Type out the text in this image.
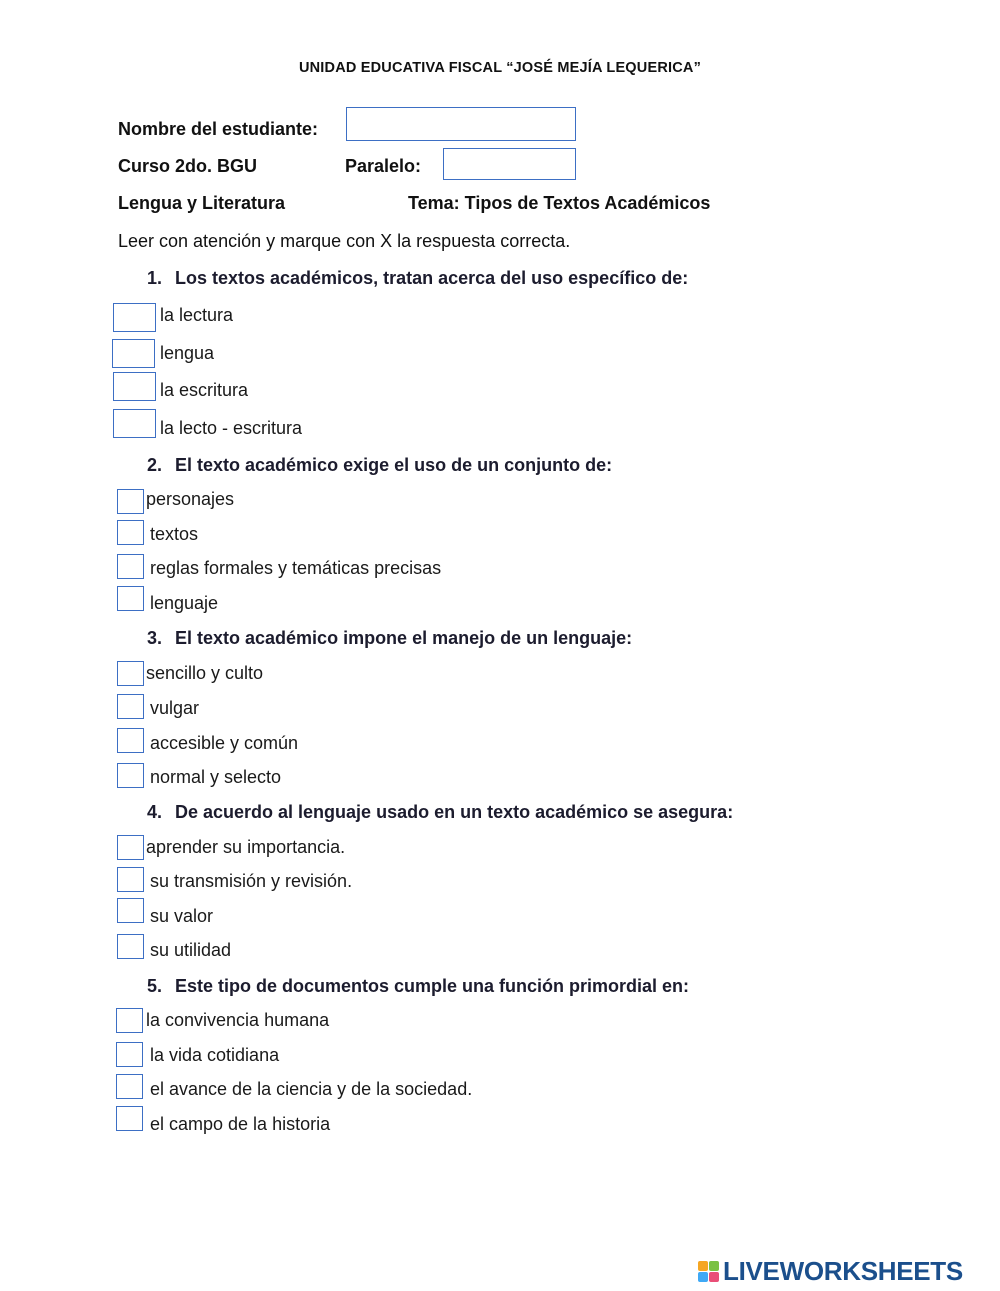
UNIDAD EDUCATIVA FISCAL “JOSÉ MEJÍA LEQUERICA”
Nombre del estudiante:
Curso 2do. BGU	Paralelo:
Lengua y Literatura	Tema: Tipos de Textos Académicos
Leer con atención y marque con X la respuesta correcta.
1. Los textos académicos, tratan acerca del uso específico de:
la lectura
lengua
la escritura
la lecto - escritura
2. El texto académico exige el uso de un conjunto de:
personajes
textos
reglas formales y temáticas precisas
lenguaje
3. El texto académico impone el manejo de un lenguaje:
sencillo y culto
vulgar
accesible y común
normal y selecto
4. De acuerdo al lenguaje usado en un texto académico se asegura:
aprender su importancia.
su transmisión y revisión.
su valor
su utilidad
5. Este tipo de documentos cumple una función primordial en:
la convivencia humana
la vida cotidiana
el avance de la ciencia y de la sociedad.
el campo de la historia
LIVEWORKSHEETS
